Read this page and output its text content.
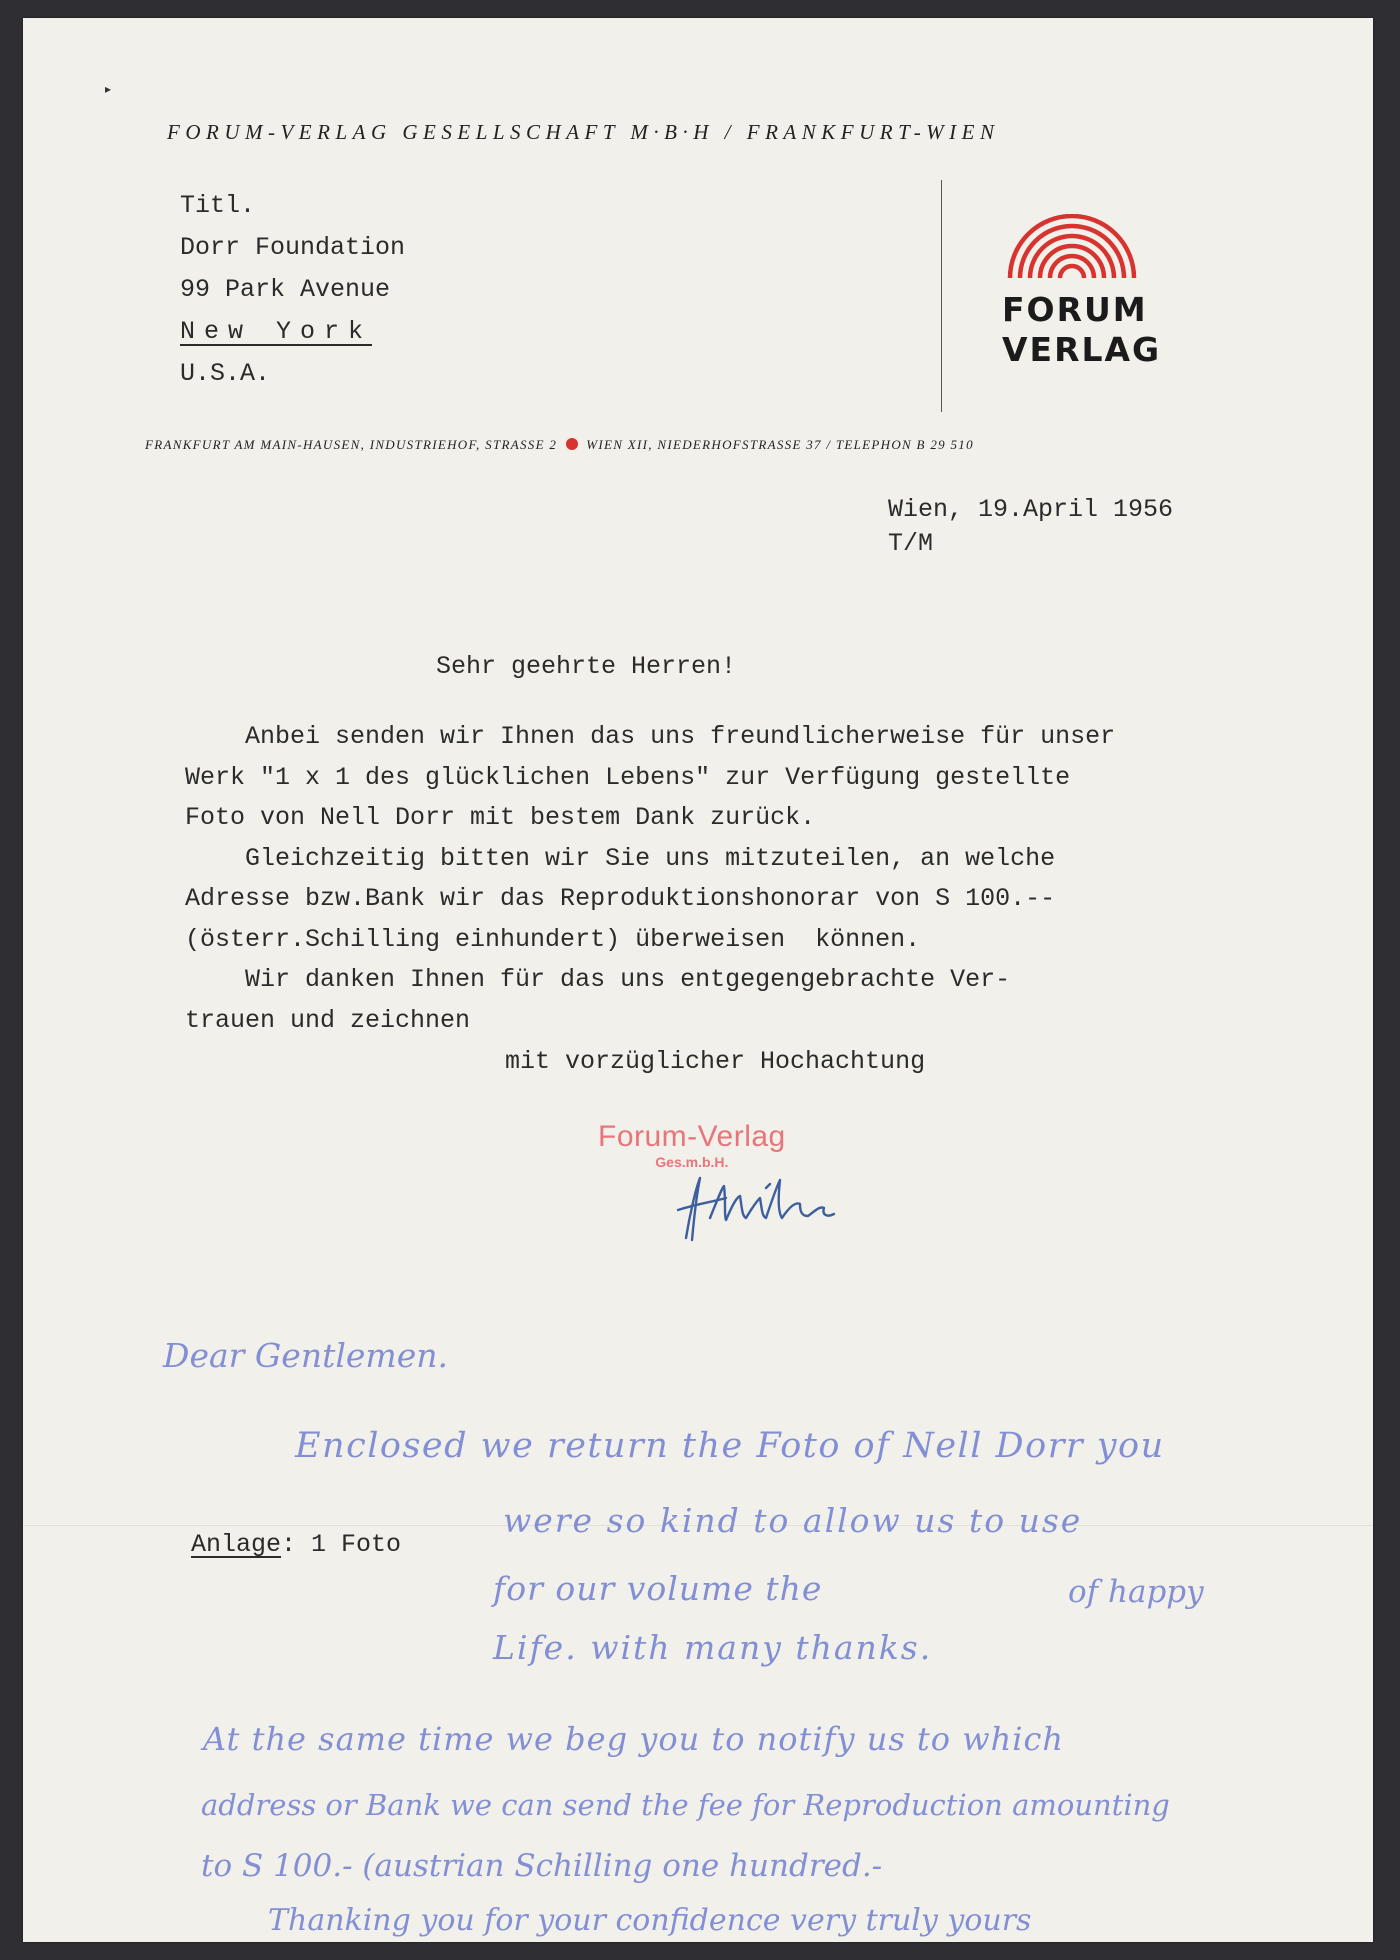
▸
FORUM-VERLAG GESELLSCHAFT M·B·H / FRANKFURT-WIEN
Titl.
Dorr Foundation
99 Park Avenue
New York
U.S.A.
FORUM
VERLAG
FRANKFURT AM MAIN-HAUSEN, INDUSTRIEHOF, STRASSE 2 WIEN XII, NIEDERHOFSTRASSE 37 / TELEPHON B 29 510
Wien, 19.April 1956
T/M
Sehr geehrte Herren!
Anbei senden wir Ihnen das uns freundlicherweise für unser
Werk "1 x 1 des glücklichen Lebens" zur Verfügung gestellte
Foto von Nell Dorr mit bestem Dank zurück.
Gleichzeitig bitten wir Sie uns mitzuteilen, an welche
Adresse bzw.Bank wir das Reproduktionshonorar von S 100.--
(österr.Schilling einhundert) überweisen  können.
Wir danken Ihnen für das uns entgegengebrachte Ver-
trauen und zeichnen
mit vorzüglicher Hochachtung
Forum-Verlag
Ges.m.b.H.
Anlage: 1 Foto
Dear Gentlemen.
Enclosed we return the Foto of Nell Dorr you
were so kind to allow us to use
for our volume the	of happy
Life. with many thanks.
At the same time we beg you to notify us to which
address or Bank we can send the fee for Reproduction amounting
to S 100.- (austrian Schilling one hundred.-
Thanking you for your confidence very truly yours
